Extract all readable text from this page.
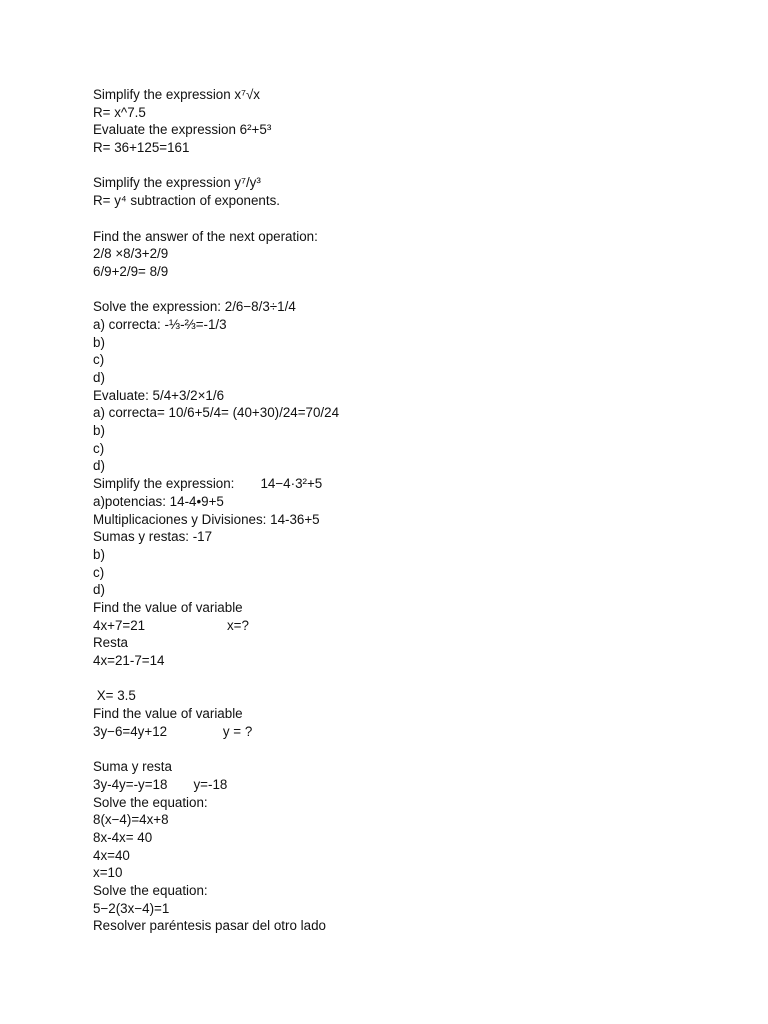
Simplify the expression x⁷√x
R= x^7.5
Evaluate the expression 6²+5³
R= 36+125=161
Simplify the expression y⁷/y³
R= y⁴ subtraction of exponents.
Find the answer of the next operation:
2/8 ×8/3+2/9
6/9+2/9= 8/9
Solve the expression: 2/6−8/3÷1/4
a) correcta: -⅓-⅔=-1/3
b)
c)
d)
Evaluate: 5/4+3/2×1/6
a) correcta= 10/6+5/4= (40+30)/24=70/24
b)
c)
d)
Simplify the expression:       14−4·3²+5
a)potencias: 14-4•9+5
Multiplicaciones y Divisiones: 14-36+5
Sumas y restas: -17
b)
c)
d)
Find the value of variable
4x+7=21                      x=?
Resta
4x=21-7=14
X= 3.5
Find the value of variable
3y−6=4y+12               y = ?
Suma y resta
3y-4y=-y=18       y=-18
Solve the equation:
8(x−4)=4x+8
8x-4x= 40
4x=40
x=10
Solve the equation:
5−2(3x−4)=1
Resolver paréntesis pasar del otro lado
